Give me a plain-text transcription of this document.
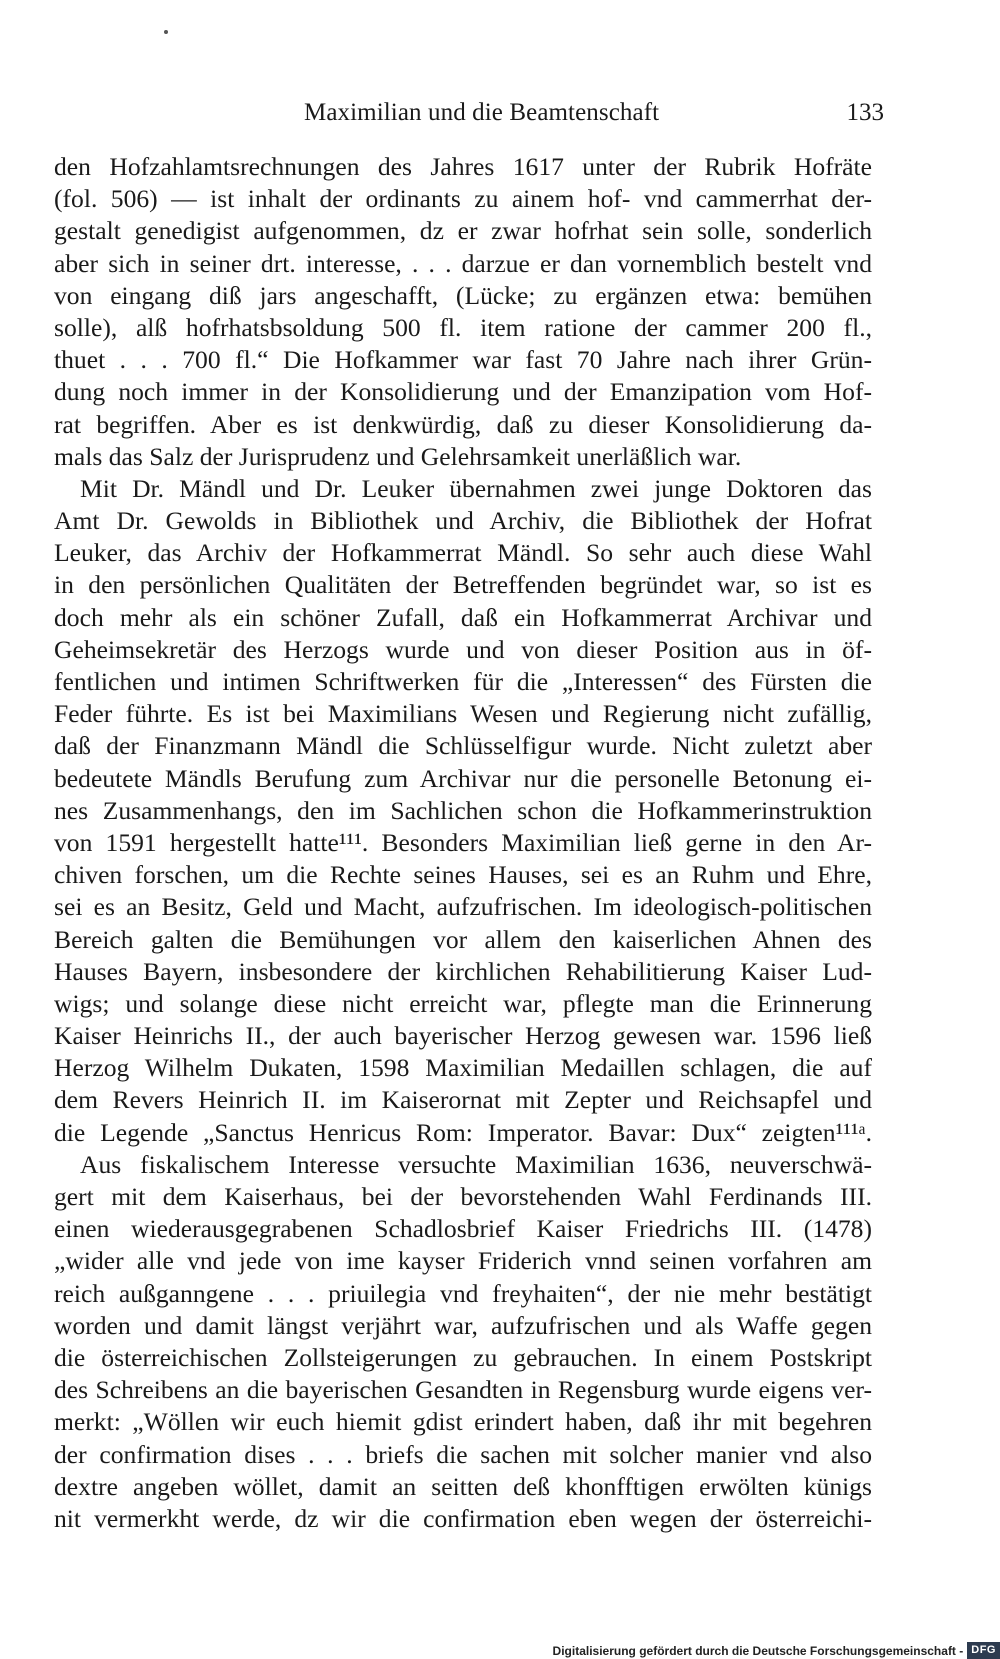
Maximilian und die Beamtenschaft	133
den Hofzahlamtsrechnungen des Jahres 1617 unter der Rubrik Hofräte
(fol. 506) — ist inhalt der ordinants zu ainem hof- vnd cammerrhat der-
gestalt genedigist aufgenommen, dz er zwar hofrhat sein solle, sonderlich
aber sich in seiner drt. interesse, . . . darzue er dan vornemblich bestelt vnd
von eingang diß jars angeschafft, (Lücke; zu ergänzen etwa: bemühen
solle), alß hofrhatsbsoldung 500 fl. item ratione der cammer 200 fl.,
thuet . . . 700 fl.“ Die Hofkammer war fast 70 Jahre nach ihrer Grün-
dung noch immer in der Konsolidierung und der Emanzipation vom Hof-
rat begriffen. Aber es ist denkwürdig, daß zu dieser Konsolidierung da-
mals das Salz der Jurisprudenz und Gelehrsamkeit unerläßlich war.
Mit Dr. Mändl und Dr. Leuker übernahmen zwei junge Doktoren das
Amt Dr. Gewolds in Bibliothek und Archiv, die Bibliothek der Hofrat
Leuker, das Archiv der Hofkammerrat Mändl. So sehr auch diese Wahl
in den persönlichen Qualitäten der Betreffenden begründet war, so ist es
doch mehr als ein schöner Zufall, daß ein Hofkammerrat Archivar und
Geheimsekretär des Herzogs wurde und von dieser Position aus in öf-
fentlichen und intimen Schriftwerken für die „Interessen“ des Fürsten die
Feder führte. Es ist bei Maximilians Wesen und Regierung nicht zufällig,
daß der Finanzmann Mändl die Schlüsselfigur wurde. Nicht zuletzt aber
bedeutete Mändls Berufung zum Archivar nur die personelle Betonung ei-
nes Zusammenhangs, den im Sachlichen schon die Hofkammerinstruktion
von 1591 hergestellt hatte¹¹¹. Besonders Maximilian ließ gerne in den Ar-
chiven forschen, um die Rechte seines Hauses, sei es an Ruhm und Ehre,
sei es an Besitz, Geld und Macht, aufzufrischen. Im ideologisch-politischen
Bereich galten die Bemühungen vor allem den kaiserlichen Ahnen des
Hauses Bayern, insbesondere der kirchlichen Rehabilitierung Kaiser Lud-
wigs; und solange diese nicht erreicht war, pflegte man die Erinnerung
Kaiser Heinrichs II., der auch bayerischer Herzog gewesen war. 1596 ließ
Herzog Wilhelm Dukaten, 1598 Maximilian Medaillen schlagen, die auf
dem Revers Heinrich II. im Kaiserornat mit Zepter und Reichsapfel und
die Legende „Sanctus Henricus Rom: Imperator. Bavar: Dux“ zeigten¹¹¹ᵃ.
Aus fiskalischem Interesse versuchte Maximilian 1636, neuverschwä-
gert mit dem Kaiserhaus, bei der bevorstehenden Wahl Ferdinands III.
einen wiederausgegrabenen Schadlosbrief Kaiser Friedrichs III. (1478)
„wider alle vnd jede von ime kayser Friderich vnnd seinen vorfahren am
reich außganngene . . . priuilegia vnd freyhaiten“, der nie mehr bestätigt
worden und damit längst verjährt war, aufzufrischen und als Waffe gegen
die österreichischen Zollsteigerungen zu gebrauchen. In einem Postskript
des Schreibens an die bayerischen Gesandten in Regensburg wurde eigens ver-
merkt: „Wöllen wir euch hiemit gdist erindert haben, daß ihr mit begehren
der confirmation dises . . . briefs die sachen mit solcher manier vnd also
dextre angeben wöllet, damit an seitten deß khonfftigen erwölten künigs
nit vermerkht werde, dz wir die confirmation eben wegen der österreichi-
Digitalisierung gefördert durch die Deutsche Forschungsgemeinschaft - DFG
